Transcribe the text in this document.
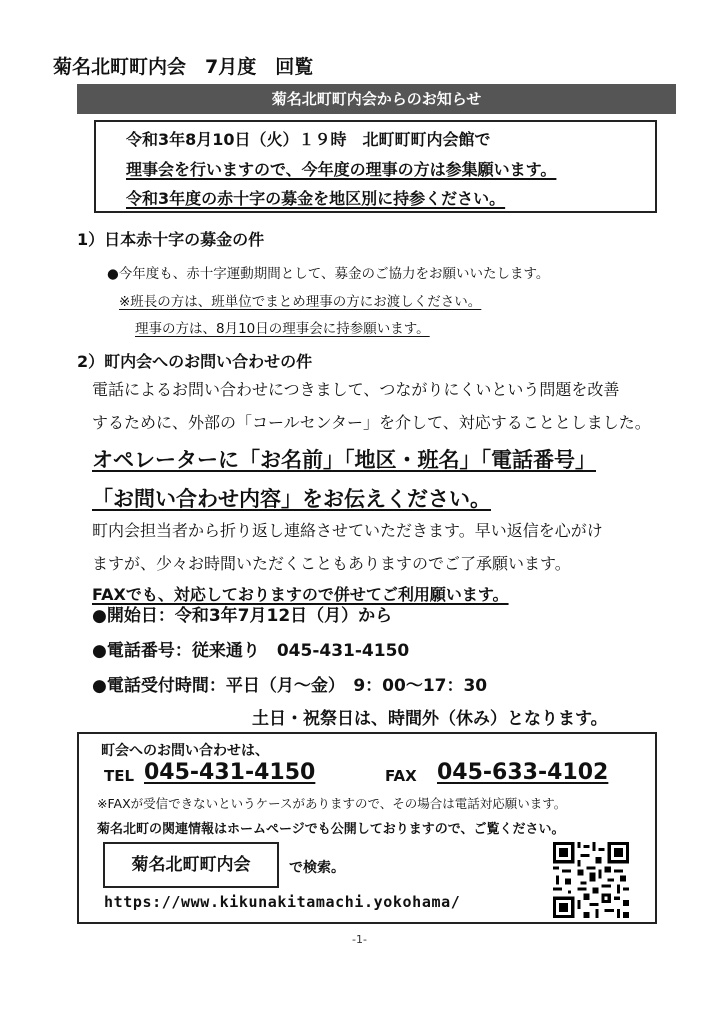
菊名北町町内会　7月度　回覧
菊名北町町内会からのお知らせ
令和3年8月10日（火）１９時　北町町町内会館で
理事会を行いますので、今年度の理事の方は参集願います。
令和3年度の赤十字の募金を地区別に持参ください。
1）日本赤十字の募金の件
●今年度も、赤十字運動期間として、募金のご協力をお願いいたします。
※班長の方は、班単位でまとめ理事の方にお渡しください。
理事の方は、8月10日の理事会に持参願います。
2）町内会へのお問い合わせの件
電話によるお問い合わせにつきまして、つながりにくいという問題を改善
するために、外部の「コールセンター」を介して、対応することとしました。
オペレーターに「お名前」「地区・班名」「電話番号」
「お問い合わせ内容」をお伝えください。
町内会担当者から折り返し連絡させていただきます。早い返信を心がけ
ますが、少々お時間いただくこともありますのでご了承願います。
FAXでも、対応しておりますので併せてご利用願います。
●開始日：令和3年7月12日（月）から
●電話番号：従来通り　045-431-4150
●電話受付時間：平日（月～金）　9：00～17：30
土日・祝祭日は、時間外（休み）となります。
町会へのお問い合わせは、
TEL 045-431-4150	FAX 045-633-4102
※FAXが受信できないというケースがありますので、その場合は電話対応願います。
菊名北町の関連情報はホームページでも公開しておりますので、ご覧ください。
菊名北町町内会	で検索。
https://www.kikunakitamachi.yokohama/
-1-
